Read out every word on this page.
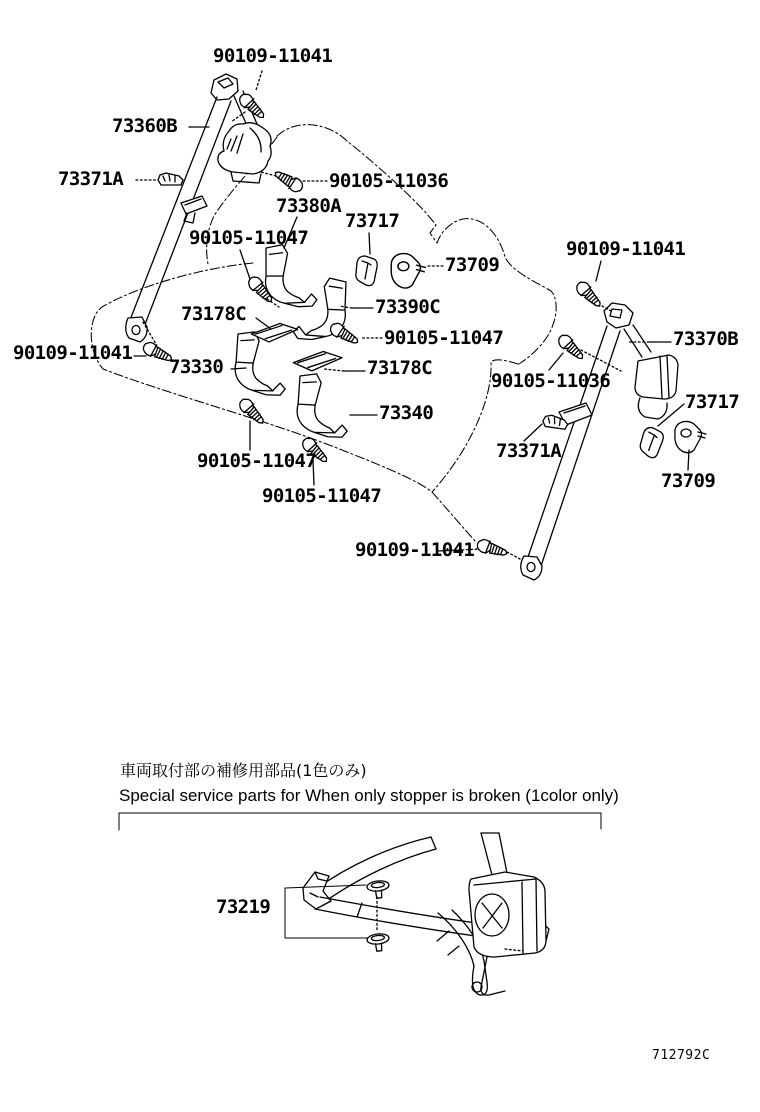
90109-11041
73360B
73371A	90105-11036
73380A
73717
90105-11047
73709
90109-11041
73390C
90105-11047
73178C
73370B
90109-11041
73330	73178C
90105-11036
73717
73340
73371A
90105-11047
73709
90105-11047
90109-11041
73219
車両取付部の補修用部品(1色のみ)
Special service parts for When only stopper is broken (1color only)
712792C
